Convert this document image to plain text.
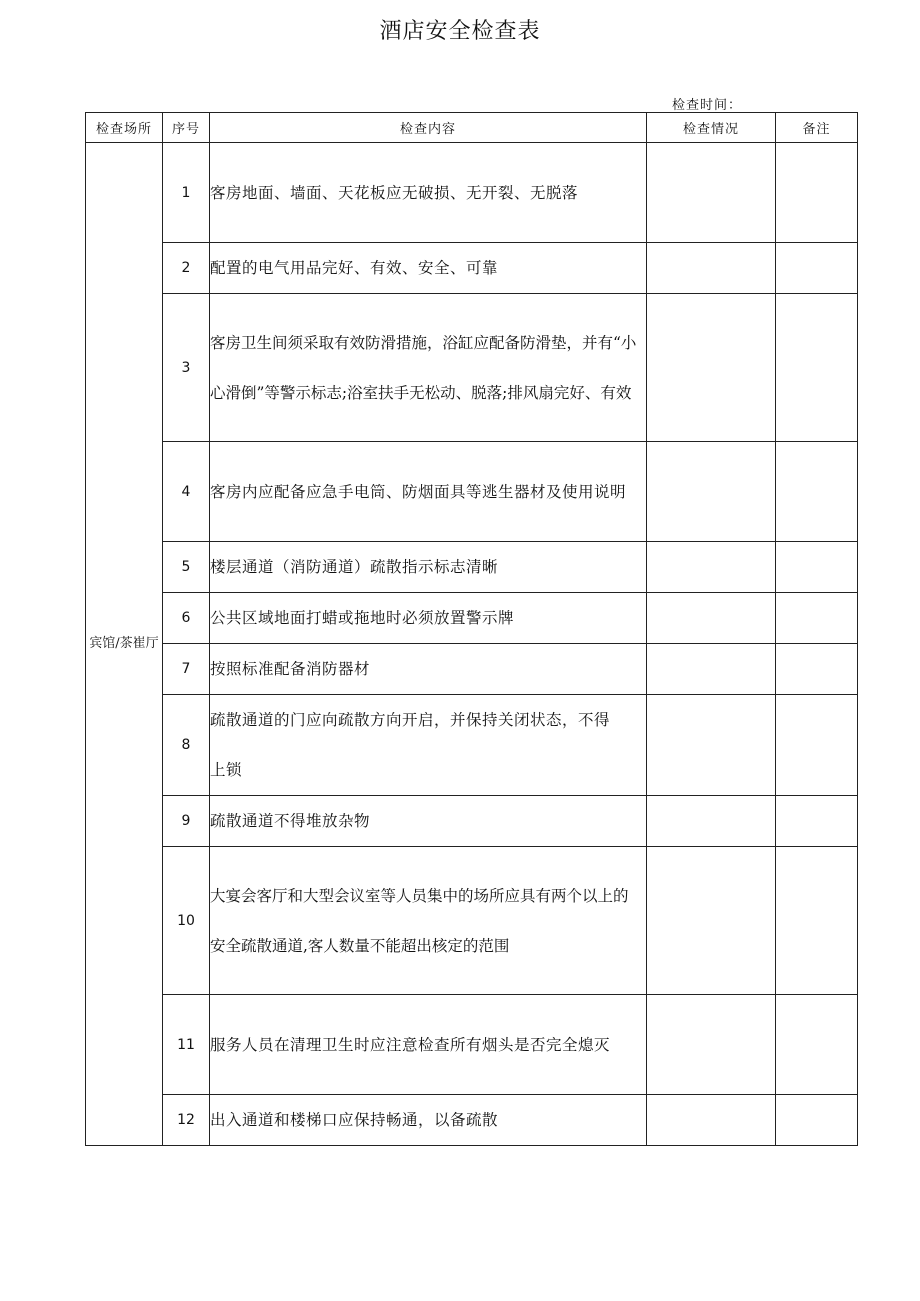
酒店安全检查表
检查时间：
检查场所	序号	检查内容	检查情况	备注
宾馆/茶崔厅	1	客房地面、墙面、天花板应无破损、无开裂、无脱落		

	2	配置的电气用品完好、有效、安全、可靠		

	3	客房卫生间须采取有效防滑措施，浴缸应配备防滑垫，并有“小心滑倒”等警示标志;浴室扶手无松动、脱落;排风扇完好、有效		

	4	客房内应配备应急手电筒、防烟面具等逃生器材及使用说明		

	5	楼层通道（消防通道）疏散指示标志清晰		

	6	公共区域地面打蜡或拖地时必须放置警示牌		

	7	按照标准配备消防器材		

	8	疏散通道的门应向疏散方向开启，并保持关闭状态，不得上锁		

	9	疏散通道不得堆放杂物		

	10	大宴会客厅和大型会议室等人员集中的场所应具有两个以上的安全疏散通道,客人数量不能超出核定的范围		

	11	服务人员在清理卫生时应注意检查所有烟头是否完全熄灭		

	12	出入通道和楼梯口应保持畅通，以备疏散		
